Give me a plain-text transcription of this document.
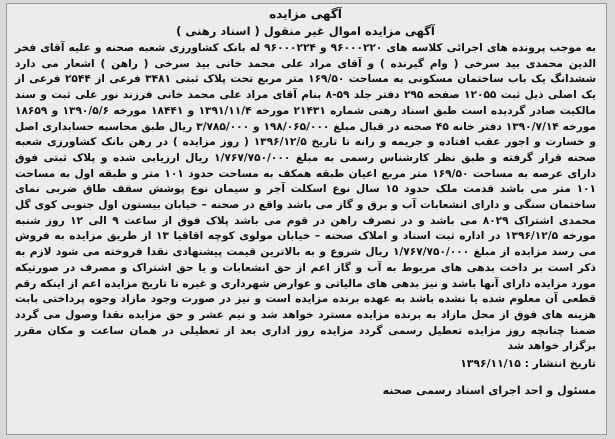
آگهی مزایده

آگهی مزایده اموال غیر منقول ( اسناد رهنی )

به موجب پرونده های اجرائی کلاسه های ۹۶۰۰۰۲۲۰ و ۹۶۰۰۰۲۲۴ له بانک کشاورزی شعبه صحنه و علیه آقای فخر الدین محمدی بید سرخی ( وام گیرنده ) و آقای مراد علی محمد خانی بید سرخی ( راهن ) اشعار می دارد ششدانگ یک باب ساختمان مسکونی به مساحت ۱۶۹/۵۰ متر مربع تحت پلاک ثبتی ۳۴۸۱ فرعی از ۲۵۴۴ فرعی از یک اصلی ذیل ثبت ۱۲۰۵۵ صفحه ۲۹۵ دفتر جلد ۵۹-۸ بنام آقای مراد علی محمد خانی فرزند نور علی ثبت و سند مالکیت صادر گردیده است طبق اسناد رهنی شماره ۲۱۴۳۱ مورخه ۱۳۹۱/۱۱/۴ و ۱۸۴۴۱ مورخه ۱۳۹۰/۵/۶ و ۱۸۶۵۹ مورخه ۱۳۹۰/۷/۱۴ دفتر خانه ۴۵ صحنه در قبال مبلغ ۱۹۸/۰۶۵/۰۰۰ و ۳/۷۸۵/۰۰۰ ریال طبق محاسبه حسابداری اصل و خسارت و اجور عقب افتاده و جریمه و رانه تا تاریخ ۱۳۹۶/۱۲/۵ ( روز مزایده ) در رهن بانک کشاورزی شعبه صحنه قرار گرفته و طبق نظر کارشناس رسمی به مبلغ ۱/۷۶۷/۷۵۰/۰۰۰ ریال ارزیابی شده و پلاک ثبتی فوق دارای عرصه به مساحت ۱۶۹/۵۰ متر مربع اعیان طبقه همکف به مساحت حدود ۱۰۱ متر و طبقه اول به مساحت ۱۰۱ متر می باشد قدمت ملک حدود ۱۵ سال نوع اسکلت آجر و سیمان نوع پوشش سقف طاق ضربی نمای ساختمان سنگی و دارای انشعابات آب و برق و گاز می باشد واقع در صحنه – خیابان بیستون اول جنوبی کوی گل محمدی اشتراک ۸۰۲۹ می باشد و در تصرف راهن در قوم می باشد پلاک فوق از ساعت ۹ الی ۱۲ روز شنبه مورخه ۱۳۹۶/۱۲/۵ در اداره ثبت اسناد و املاک صحنه – خیابان مولوی کوچه اقاقیا ۱۳ از طریق مزایده به فروش می رسد مزایده از مبلغ ۱/۷۶۷/۷۵۰/۰۰۰ ریال شروع و به بالاترین قیمت پیشنهادی نقدا فروخته می شود لازم به ذکر است بر داخت بدهی های مربوط به آب و گاز اعم از حق انشعابات و یا حق اشتراک و مصرف در صورتیکه مورد مزایده دارای آنها باشد و نیز بدهی های مالیاتی و عوارض شهرداری و غیره تا تاریخ مزایده اعم از اینکه رقم قطعی آن معلوم شده یا نشده باشد به عهده برنده مزایده است و نیز در صورت وجود مازاد وجوه پرداختی بابت هزینه های فوق از محل مازاد به برنده مزایده مسترد خواهد شد و نیم عشر و حق مزایده نقدا وصول می گردد ضمنا چنانچه روز مزایده تعطیل رسمی گردد مزایده روز اداری بعد از تعطیلی در همان ساعت و مکان مقرر برگزار خواهد شد

تاریخ انتشار : ۱۳۹۶/۱۱/۱۵

مسئول و احد اجرای اسناد رسمی صحنه
